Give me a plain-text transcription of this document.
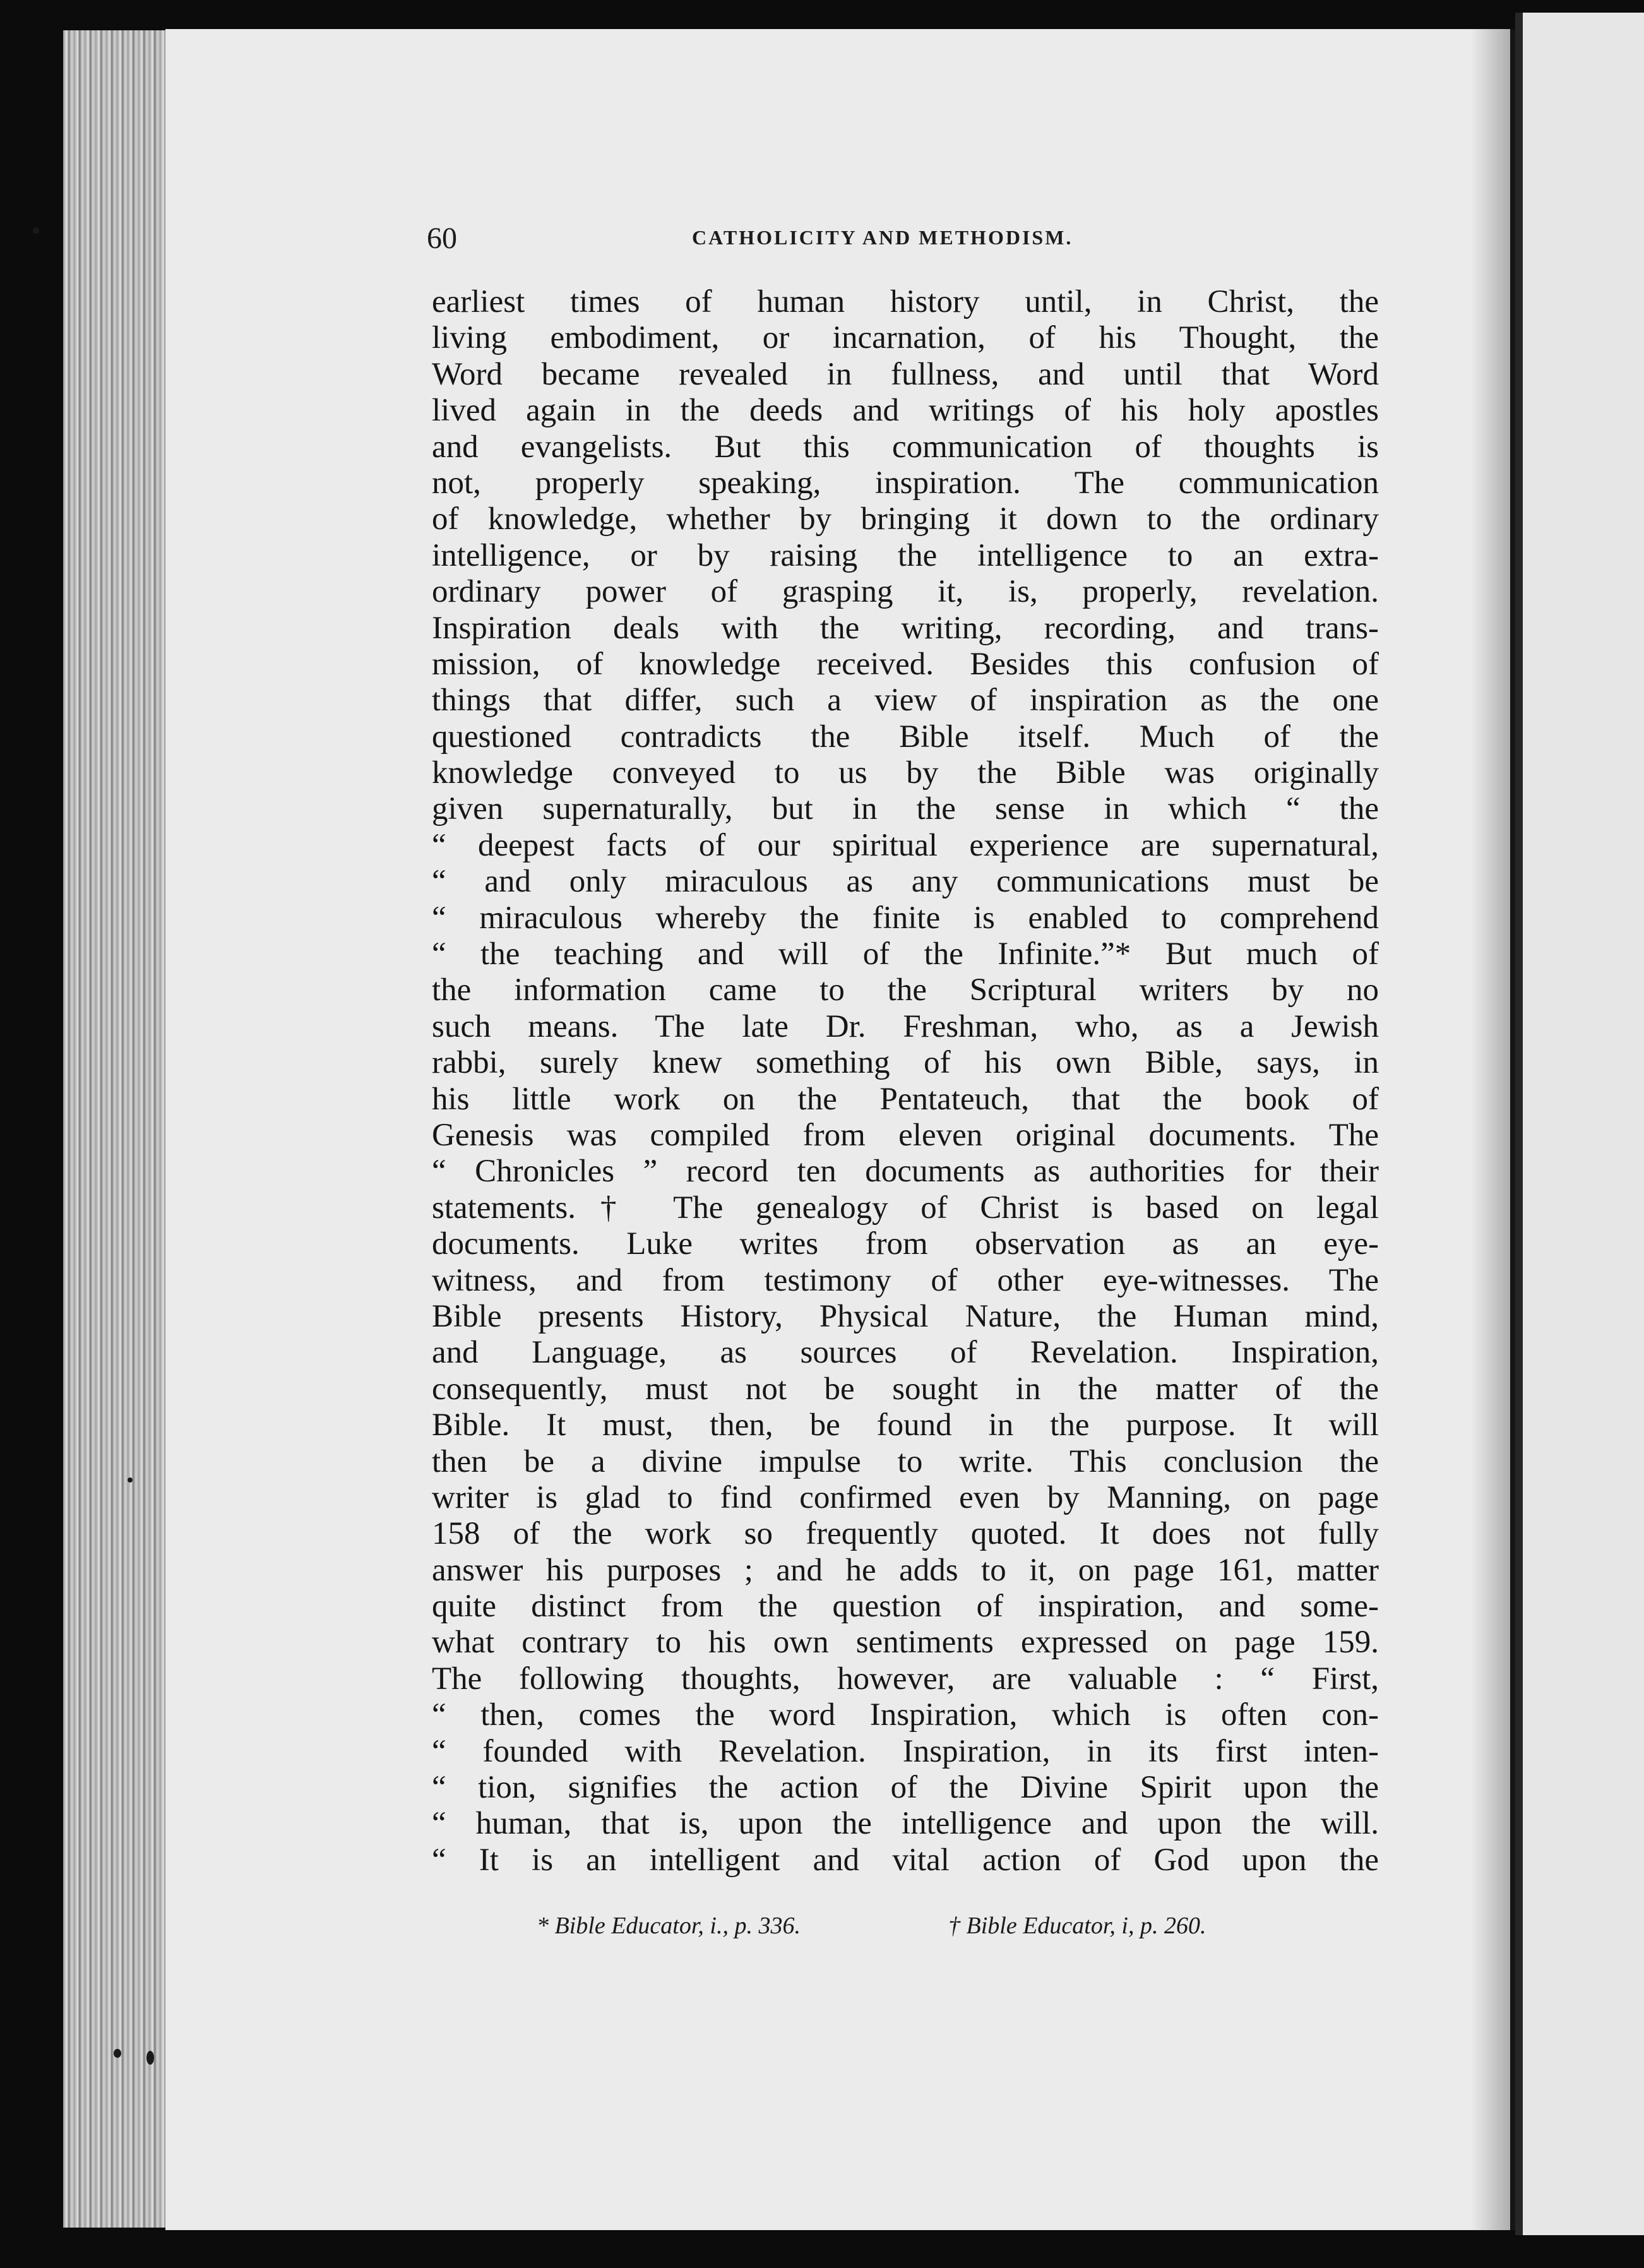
60	CATHOLICITY AND METHODISM.
earliest times of human history until, in Christ, the
living embodiment, or incarnation, of his Thought, the
Word became revealed in fullness, and until that Word
lived again in the deeds and writings of his holy apostles
and evangelists. But this communication of thoughts is
not, properly speaking, inspiration. The communication
of knowledge, whether by bringing it down to the ordinary
intelligence, or by raising the intelligence to an extra-
ordinary power of grasping it, is, properly, revelation.
Inspiration deals with the writing, recording, and trans-
mission, of knowledge received. Besides this confusion of
things that differ, such a view of inspiration as the one
questioned contradicts the Bible itself. Much of the
knowledge conveyed to us by the Bible was originally
given supernaturally, but in the sense in which “ the
“ deepest facts of our spiritual experience are supernatural,
“ and only miraculous as any communications must be
“ miraculous whereby the finite is enabled to comprehend
“ the teaching and will of the Infinite.”* But much of
the information came to the Scriptural writers by no
such means. The late Dr. Freshman, who, as a Jewish
rabbi, surely knew something of his own Bible, says, in
his little work on the Pentateuch, that the book of
Genesis was compiled from eleven original documents. The
“ Chronicles ” record ten documents as authorities for their
statements.† The genealogy of Christ is based on legal
documents. Luke writes from observation as an eye-
witness, and from testimony of other eye-witnesses. The
Bible presents History, Physical Nature, the Human mind,
and Language, as sources of Revelation. Inspiration,
consequently, must not be sought in the matter of the
Bible. It must, then, be found in the purpose. It will
then be a divine impulse to write. This conclusion the
writer is glad to find confirmed even by Manning, on page
158 of the work so frequently quoted. It does not fully
answer his purposes ; and he adds to it, on page 161, matter
quite distinct from the question of inspiration, and some-
what contrary to his own sentiments expressed on page 159.
The following thoughts, however, are valuable : “ First,
“ then, comes the word Inspiration, which is often con-
“ founded with Revelation. Inspiration, in its first inten-
“ tion, signifies the action of the Divine Spirit upon the
“ human, that is, upon the intelligence and upon the will.
“ It is an intelligent and vital action of God upon the
* Bible Educator, i., p. 336.	† Bible Educator, i, p. 260.
